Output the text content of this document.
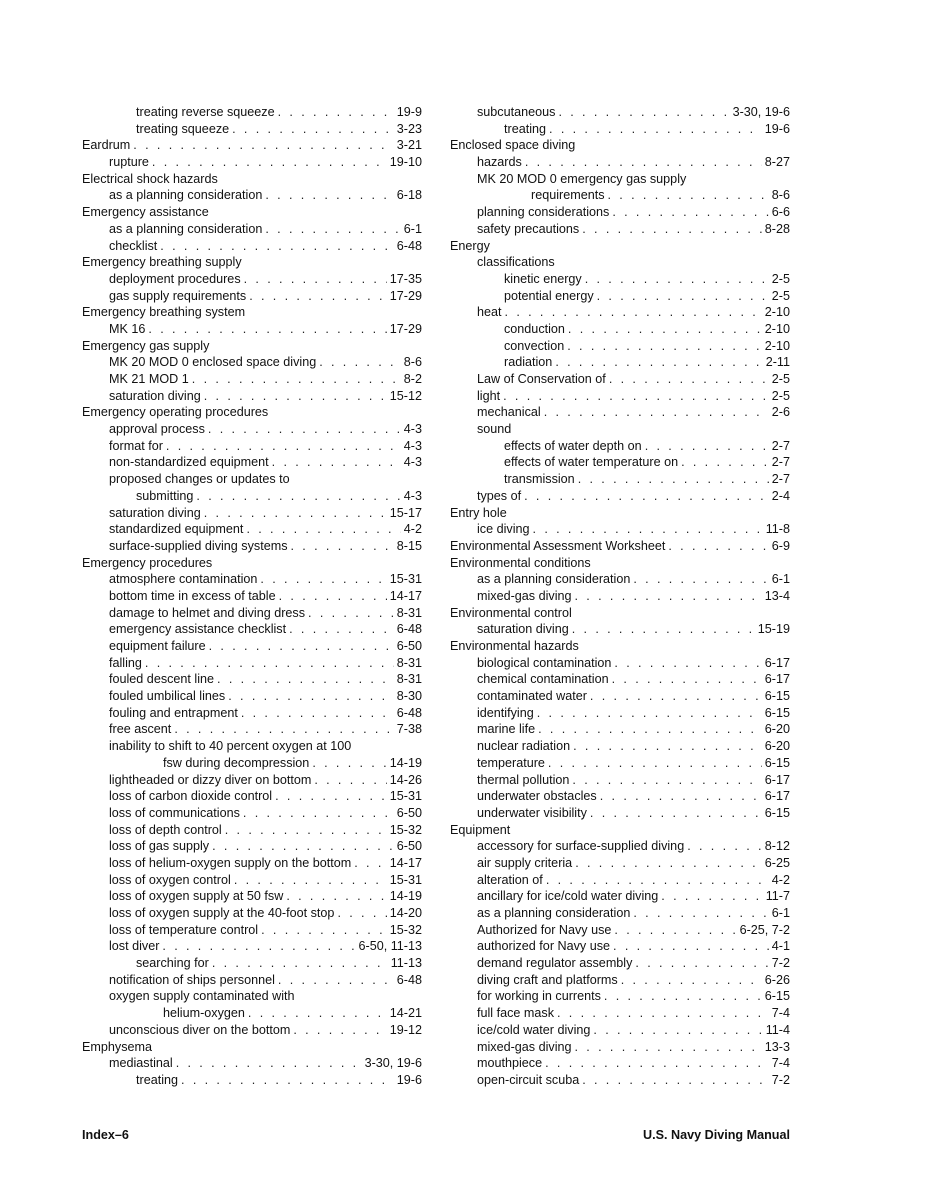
treating reverse squeeze . . .	19-9
treating squeeze . . .	3-23
Eardrum . . .	3-21
rupture . . .	19-10
Electrical shock hazards
as a planning consideration . . .	6-18
Emergency assistance
as a planning consideration . . .	6-1
checklist . . .	6-48
Emergency breathing supply
deployment procedures . . .	17-35
gas supply requirements . . .	17-29
Emergency breathing system
MK 16 . . .	17-29
Emergency gas supply
MK 20 MOD 0 enclosed space diving . . .	8-6
MK 21 MOD 1 . . .	8-2
saturation diving . . .	15-12
Emergency operating procedures
approval process . . .	4-3
format for . . .	4-3
non-standardized equipment . . .	4-3
proposed changes or updates to
submitting . . .	4-3
saturation diving . . .	15-17
standardized equipment . . .	4-2
surface-supplied diving systems . . .	8-15
Emergency procedures
atmosphere contamination . . .	15-31
bottom time in excess of table . . .	14-17
damage to helmet and diving dress . . .	8-31
emergency assistance checklist . . .	6-48
equipment failure . . .	6-50
falling . . .	8-31
fouled descent line . . .	8-31
fouled umbilical lines . . .	8-30
fouling and entrapment . . .	6-48
free ascent . . .	7-38
inability to shift to 40 percent oxygen at 100
fsw during decompression . . .	14-19
lightheaded or dizzy diver on bottom . . .	14-26
loss of carbon dioxide control . . .	15-31
loss of communications . . .	6-50
loss of depth control . . .	15-32
loss of gas supply . . .	6-50
loss of helium-oxygen supply on the bottom . . .	14-17
loss of oxygen control . . .	15-31
loss of oxygen supply at 50 fsw . . .	14-19
loss of oxygen supply at the 40-foot stop . . .	14-20
loss of temperature control . . .	15-32
lost diver . . .	6-50, 11-13
searching for . . .	11-13
notification of ships personnel . . .	6-48
oxygen supply contaminated with
helium-oxygen . . .	14-21
unconscious diver on the bottom . . .	19-12
Emphysema
mediastinal . . .	3-30, 19-6
treating . . .	19-6
subcutaneous . . .	3-30, 19-6
treating . . .	19-6
Enclosed space diving
hazards . . .	8-27
MK 20 MOD 0 emergency gas supply
requirements . . .	8-6
planning considerations . . .	6-6
safety precautions . . .	8-28
Energy
classifications
kinetic energy . . .	2-5
potential energy . . .	2-5
heat . . .	2-10
conduction . . .	2-10
convection . . .	2-10
radiation . . .	2-11
Law of Conservation of . . .	2-5
light . . .	2-5
mechanical . . .	2-6
sound
effects of water depth on . . .	2-7
effects of water temperature on . . .	2-7
transmission . . .	2-7
types of . . .	2-4
Entry hole
ice diving . . .	11-8
Environmental Assessment Worksheet . . .	6-9
Environmental conditions
as a planning consideration . . .	6-1
mixed-gas diving . . .	13-4
Environmental control
saturation diving . . .	15-19
Environmental hazards
biological contamination . . .	6-17
chemical contamination . . .	6-17
contaminated water . . .	6-15
identifying . . .	6-15
marine life . . .	6-20
nuclear radiation . . .	6-20
temperature . . .	6-15
thermal pollution . . .	6-17
underwater obstacles . . .	6-17
underwater visibility . . .	6-15
Equipment
accessory for surface-supplied diving . . .	8-12
air supply criteria . . .	6-25
alteration of . . .	4-2
ancillary for ice/cold water diving . . .	11-7
as a planning consideration . . .	6-1
Authorized for Navy use . . .	6-25, 7-2
authorized for Navy use . . .	4-1
demand regulator assembly . . .	7-2
diving craft and platforms . . .	6-26
for working in currents . . .	6-15
full face mask . . .	7-4
ice/cold water diving . . .	11-4
mixed-gas diving . . .	13-3
mouthpiece . . .	7-4
open-circuit scuba . . .	7-2
Index–6	U.S. Navy Diving Manual
